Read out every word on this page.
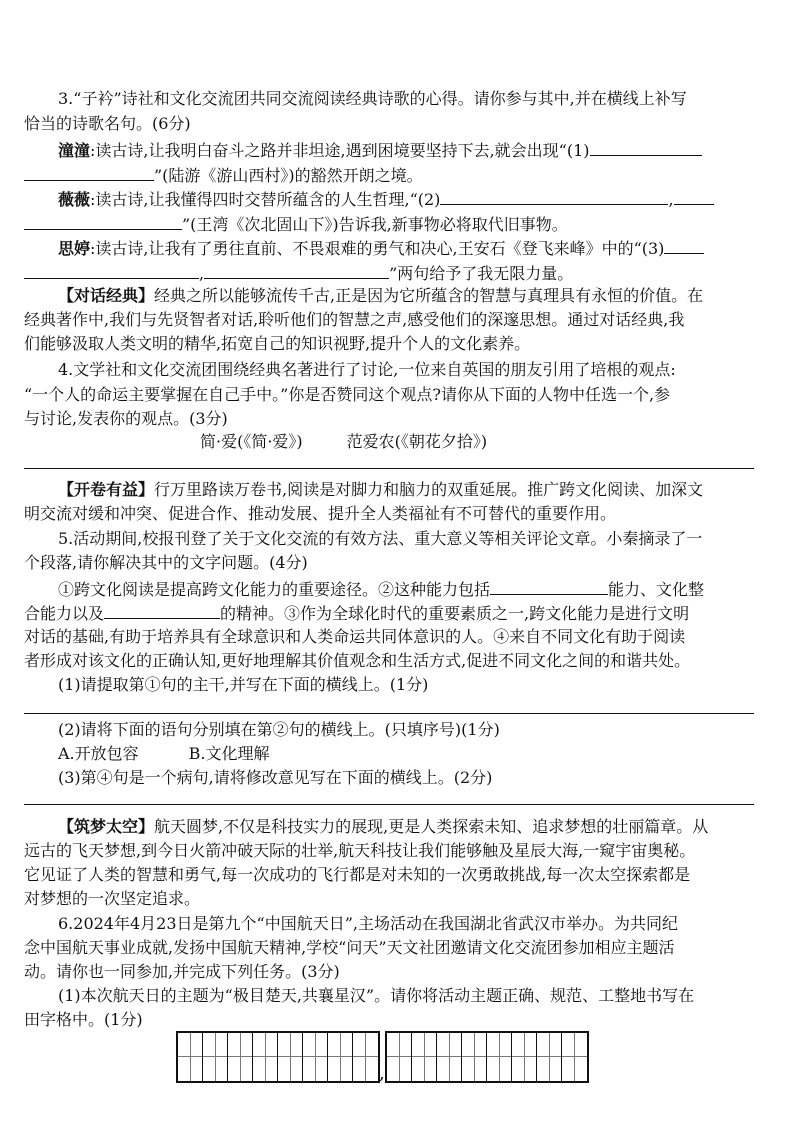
3.“子衿”诗社和文化交流团共同交流阅读经典诗歌的心得。请你参与其中,并在横线上补写
恰当的诗歌名句。(6分)
潼潼:读古诗,让我明白奋斗之路并非坦途,遇到困境要坚持下去,就会出现“(1)
”(陆游《游山西村》)的豁然开朗之境。
薇薇:读古诗,让我懂得四时交替所蕴含的人生哲理,“(2)	,
”(王湾《次北固山下》)告诉我,新事物必将取代旧事物。
思婷:读古诗,让我有了勇往直前、不畏艰难的勇气和决心,王安石《登飞来峰》中的“(3)
,	”两句给予了我无限力量。
【对话经典】经典之所以能够流传千古,正是因为它所蕴含的智慧与真理具有永恒的价值。在
经典著作中,我们与先贤智者对话,聆听他们的智慧之声,感受他们的深邃思想。通过对话经典,我
们能够汲取人类文明的精华,拓宽自己的知识视野,提升个人的文化素养。
4.文学社和文化交流团围绕经典名著进行了讨论,一位来自英国的朋友引用了培根的观点:
“一个人的命运主要掌握在自己手中。”你是否赞同这个观点?请你从下面的人物中任选一个,参
与讨论,发表你的观点。(3分)
简·爱(《简·爱》)	范爱农(《朝花夕拾》)
【开卷有益】行万里路读万卷书,阅读是对脚力和脑力的双重延展。推广跨文化阅读、加深文
明交流对缓和冲突、促进合作、推动发展、提升全人类福祉有不可替代的重要作用。
5.活动期间,校报刊登了关于文化交流的有效方法、重大意义等相关评论文章。小秦摘录了一
个段落,请你解决其中的文字问题。(4分)
①跨文化阅读是提高跨文化能力的重要途径。②这种能力包括	能力、文化整
合能力以及	的精神。③作为全球化时代的重要素质之一,跨文化能力是进行文明
对话的基础,有助于培养具有全球意识和人类命运共同体意识的人。④来自不同文化有助于阅读
者形成对该文化的正确认知,更好地理解其价值观念和生活方式,促进不同文化之间的和谐共处。
(1)请提取第①句的主干,并写在下面的横线上。(1分)
(2)请将下面的语句分别填在第②句的横线上。(只填序号)(1分)
A.开放包容	B.文化理解
(3)第④句是一个病句,请将修改意见写在下面的横线上。(2分)
【筑梦太空】航天圆梦,不仅是科技实力的展现,更是人类探索未知、追求梦想的壮丽篇章。从
远古的飞天梦想,到今日火箭冲破天际的壮举,航天科技让我们能够触及星辰大海,一窥宇宙奥秘。
它见证了人类的智慧和勇气,每一次成功的飞行都是对未知的一次勇敢挑战,每一次太空探索都是
对梦想的一次坚定追求。
6.2024年4月23日是第九个“中国航天日”,主场活动在我国湖北省武汉市举办。为共同纪
念中国航天事业成就,发扬中国航天精神,学校“问天”天文社团邀请文化交流团参加相应主题活
动。请你也一同参加,并完成下列任务。(3分)
(1)本次航天日的主题为“极目楚天,共襄星汉”。请你将活动主题正确、规范、工整地书写在
田字格中。(1分)
,
